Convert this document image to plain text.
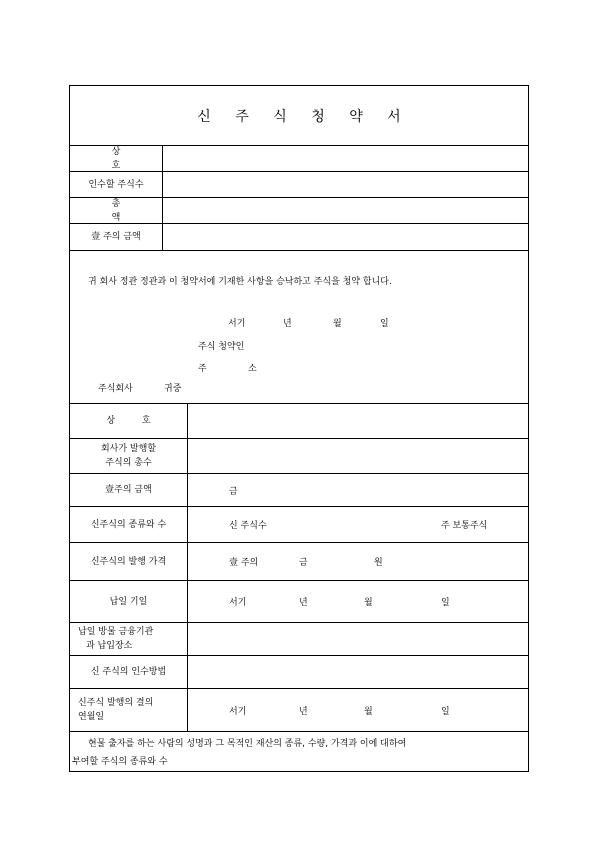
신 주 식 청 약 서
상 호
인수할 주식수
총 액
壹 주의 금액
귀 회사 정관 정관과 이 청약서에 기재한 사항을 승낙하고 주식을 청약 합니다.
서기	년	월	일
주식 청약인
주	소
주식회사	귀중
상 호
회사가 발행할
주식의 총수
壹주의 금액	금
신주식의 종류와 수	신 주식수	주 보통주식
신주식의 발행 가격	壹 주의	금	원
납일 기일	서기	년	월	일
납일 방물 금융기관
과 납입장소
신 주식의 인수방법
신주식 발행의 결의
연월일
서기	년	월	일
현물 출자를 하는 사람의 성명과 그 목적인 재산의 종류, 수량, 가격과 이에 대하여
부여할 주식의 종류와 수
